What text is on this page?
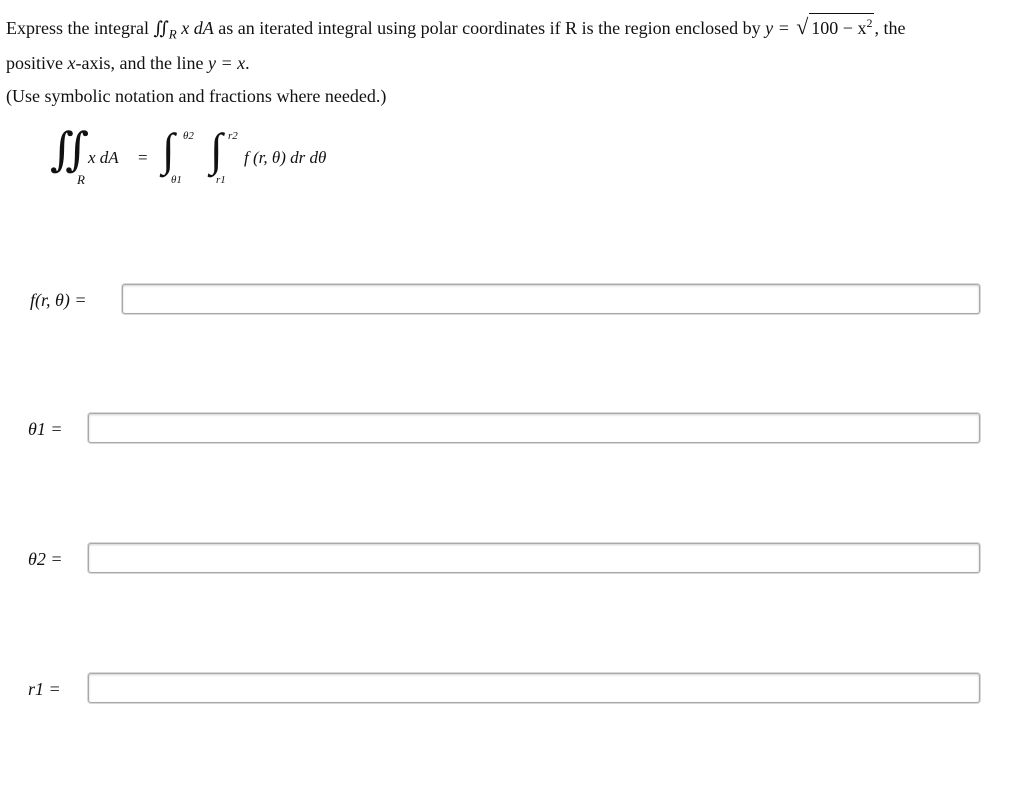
Express the integral $∬_R$ x dA as an iterated integral using polar coordinates if R is the region enclosed by y = √ $100 - x^2$ , the
positive x-axis, and the line y = x.
(Use symbolic notation and fractions where needed.)
∬
R
x dA = ∫ θ2
θ1
∫ r2
r1
f (r, θ) dr dθ
f(r, θ) =
θ1 =
θ2 =
r1 =
